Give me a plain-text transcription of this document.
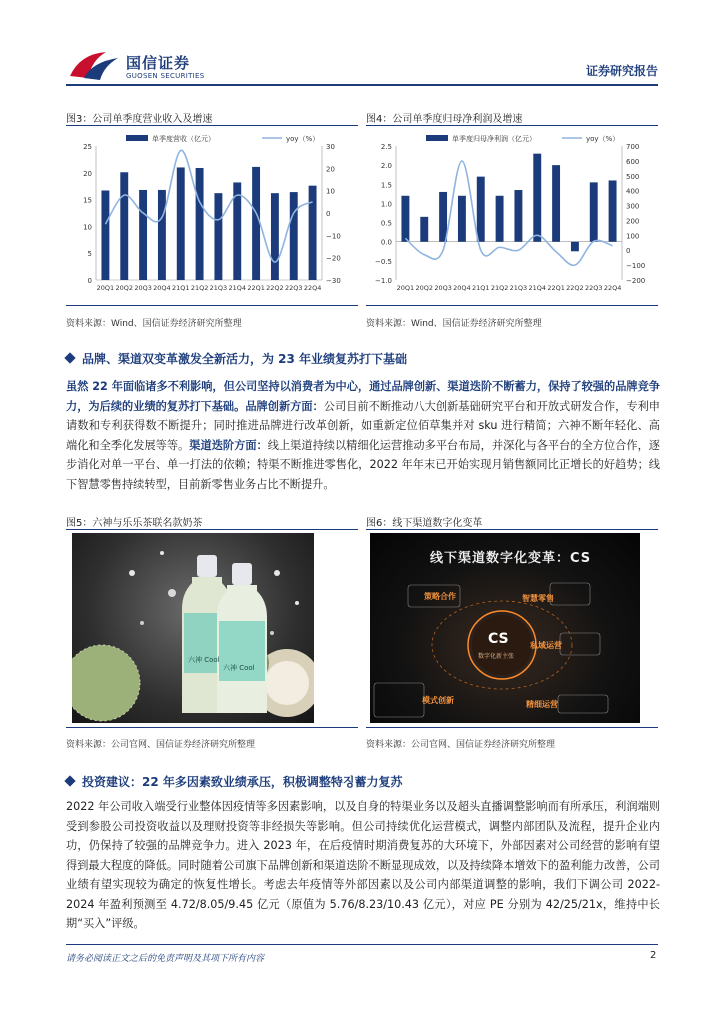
国信证券
GUOSEN SECURITIES	证券研究报告
图3：公司单季度营业收入及增速
单季度营收（亿元）	yoy（%）
0
5
10
15
20
25
−30
−20
−10
0
10
20
30
20Q1 20Q2 20Q3 20Q4 21Q1 21Q2 21Q3 21Q4 22Q1 22Q2 22Q3 22Q4
资料来源：Wind、国信证券经济研究所整理
图4：公司单季度归母净利润及增速
单季度归母净利润（亿元）	yoy（%）
−1.0
−0.5
0.0
0.5
1.0
1.5
2.0
2.5
−200
−100
0
100
200
300
400
500
600
700
20Q1 20Q2 20Q3 20Q4 21Q1 21Q2 21Q3 21Q4 22Q1 22Q2 22Q3 22Q4
资料来源：Wind、国信证券经济研究所整理
品牌、渠道双变革激发全新活力，为 23 年业绩复苏打下基础
虽然 22 年面临诸多不利影响，但公司坚持以消费者为中心，通过品牌创新、渠道迭阶不断蓄力，保持了较强的品牌竞争力，为后续的业绩的复苏打下基础。品牌创新方面：公司目前不断推动八大创新基础研究平台和开放式研发合作，专利申请数和专利获得数不断提升；同时推进品牌进行改革创新，如重新定位佰草集并对 sku 进行精简；六神不断年轻化、高端化和全季化发展等等。渠道迭阶方面：线上渠道持续以精细化运营推动多平台布局，并深化与各平台的全方位合作，逐步消化对单一平台、单一打法的依赖；特渠不断推进零售化，2022 年年末已开始实现月销售额同比正增长的好趋势；线下智慧零售持续转型，目前新零售业务占比不断提升。
图5：六神与乐乐茶联名款奶茶
六神 Cool
六神 Cool
资料来源：公司官网、国信证券经济研究所整理
图6：线下渠道数字化变革
线下渠道数字化变革：CS
CS
数字化新主张
策略合作	智慧零售
私域运营
模式创新	精细运营
资料来源：公司官网、国信证券经济研究所整理
投资建议：22 年多因素致业绩承压，积极调整特징蓄力复苏
2022 年公司收入端受行业整体因疫情等多因素影响，以及自身的特渠业务以及超头直播调整影响而有所承压，利润端则受到参股公司投资收益以及理财投资等非经损失等影响。但公司持续优化运营模式，调整内部团队及流程，提升企业内功，仍保持了较强的品牌竞争力。进入 2023 年，在后疫情时期消费复苏的大环境下，外部因素对公司经营的影响有望得到最大程度的降低。同时随着公司旗下品牌创新和渠道迭阶不断显现成效，以及持续降本增效下的盈利能力改善，公司业绩有望实现较为确定的恢复性增长。考虑去年疫情等外部因素以及公司内部渠道调整的影响，我们下调公司 2022-2024 年盈利预测至 4.72/8.05/9.45 亿元（原值为 5.76/8.23/10.43 亿元），对应 PE 分别为 42/25/21x，维持中长期“买入”评级。
请务必阅读正文之后的免责声明及其项下所有内容	2
